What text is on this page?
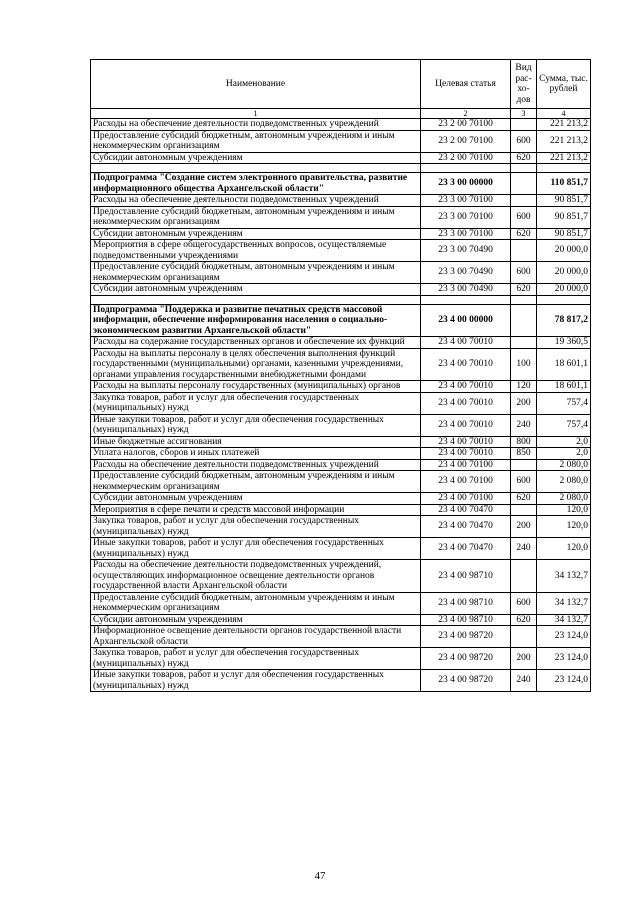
Наименование	Целевая статья	Вид рас-хо-дов	Сумма, тыс. рублей
1	2	3	4
Расходы на обеспечение деятельности подведомственных учреждений	23 2 00 70100		221 213,2
Предоставление субсидий бюджетным, автономным учреждениям и иным некоммерческим организациям	23 2 00 70100	600	221 213,2
Субсидии автономным учреждениям	23 2 00 70100	620	221 213,2

Подпрограмма "Создание систем электронного правительства, развитие информационного общества Архангельской области"	23 3 00 00000		110 851,7
Расходы на обеспечение деятельности подведомственных учреждений	23 3 00 70100		90 851,7
Предоставление субсидий бюджетным, автономным учреждениям и иным некоммерческим организациям	23 3 00 70100	600	90 851,7
Субсидии автономным учреждениям	23 3 00 70100	620	90 851,7
Мероприятия в сфере общегосударственных вопросов, осуществляемые подведомственными учреждениями	23 3 00 70490		20 000,0
Предоставление субсидий бюджетным, автономным учреждениям и иным некоммерческим организациям	23 3 00 70490	600	20 000,0
Субсидии автономным учреждениям	23 3 00 70490	620	20 000,0

Подпрограмма "Поддержка и развитие печатных средств массовой информации, обеспечение информирования населения о социально-экономическом развитии Архангельской области"	23 4 00 00000		78 817,2
Расходы на содержание государственных органов и обеспечение их функций	23 4 00 70010		19 360,5
Расходы на выплаты персоналу в целях обеспечения выполнения функций государственными (муниципальными) органами, казенными учреждениями, органами управления государственными внебюджетными фондами	23 4 00 70010	100	18 601,1
Расходы на выплаты персоналу государственных (муниципальных) органов	23 4 00 70010	120	18 601,1
Закупка товаров, работ и услуг для обеспечения государственных (муниципальных) нужд	23 4 00 70010	200	757,4
Иные закупки товаров, работ и услуг для обеспечения государственных (муниципальных) нужд	23 4 00 70010	240	757,4
Иные бюджетные ассигнования	23 4 00 70010	800	2,0
Уплата налогов, сборов и иных платежей	23 4 00 70010	850	2,0
Расходы на обеспечение деятельности подведомственных учреждений	23 4 00 70100		2 080,0
Предоставление субсидий бюджетным, автономным учреждениям и иным некоммерческим организациям	23 4 00 70100	600	2 080,0
Субсидии автономным учреждениям	23 4 00 70100	620	2 080,0
Мероприятия в сфере печати и средств массовой информации	23 4 00 70470		120,0
Закупка товаров, работ и услуг для обеспечения государственных (муниципальных) нужд	23 4 00 70470	200	120,0
Иные закупки товаров, работ и услуг для обеспечения государственных (муниципальных) нужд	23 4 00 70470	240	120,0
Расходы на обеспечение деятельности подведомственных учреждений, осуществляющих информационное освещение деятельности органов государственной власти Архангельской области	23 4 00 98710		34 132,7
Предоставление субсидий бюджетным, автономным учреждениям и иным некоммерческим организациям	23 4 00 98710	600	34 132,7
Субсидии автономным учреждениям	23 4 00 98710	620	34 132,7
Информационное освещение деятельности органов государственной власти Архангельской области	23 4 00 98720		23 124,0
Закупка товаров, работ и услуг для обеспечения государственных (муниципальных) нужд	23 4 00 98720	200	23 124,0
Иные закупки товаров, работ и услуг для обеспечения государственных (муниципальных) нужд	23 4 00 98720	240	23 124,0
47
